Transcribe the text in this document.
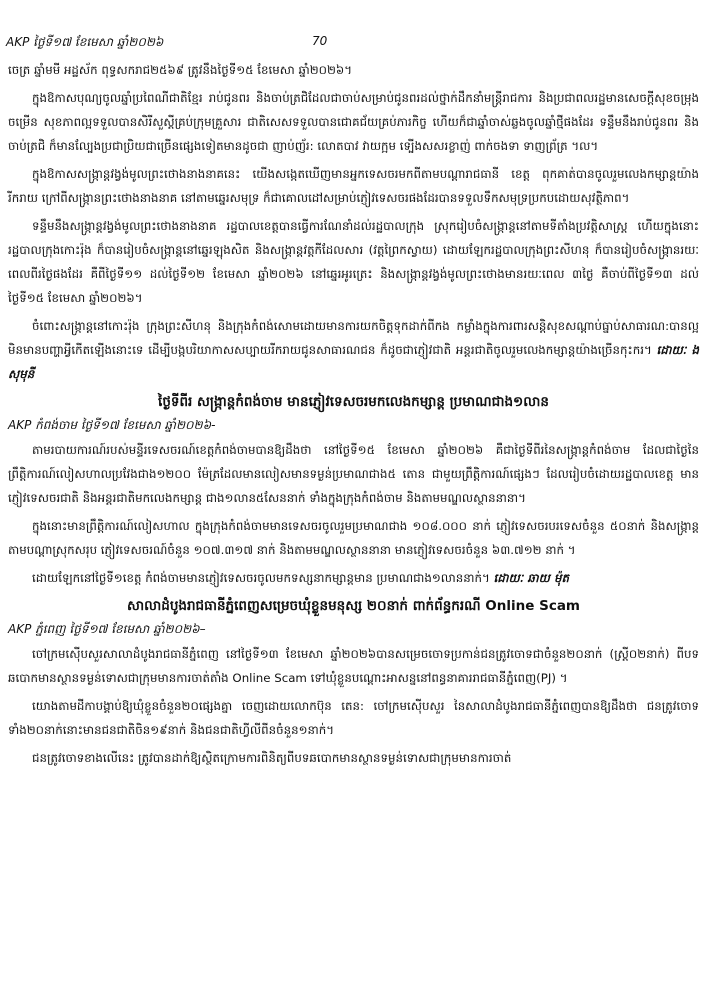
AKP ថ្ងៃទី១៧ ខែមេសា ឆ្នាំ២០២៦	70

ចេត្រ ឆ្នាំមមី អដ្ឋស័ក ពុទ្ធសករាជ២៥៦៩ ត្រូវនឹងថ្ងៃទី១៥ ខែមេសា ឆ្នាំ២០២៦។

ក្នុងឱកាសបុណ្យចូលឆ្នាំប្រពៃណីជាតិខ្មែរ រាប់ជូនពរ និងចាប់ត្រជិដែលជាចាប់សម្រាប់ជូនពរដល់ថ្នាក់ដឹកនាំមន្ត្រីរាជការ និងប្រជាពលរដ្ឋមានសេចក្តីសុខចម្រុងចម្រើន សុខភាពល្អទទួលបានសិរីសួស្តីគ្រប់ក្រុមគ្រួសារ ជាតិសេសទទួលបានជោគជ័យគ្រប់ភារកិច្ច ហើយក៏ជាឆ្នាំចាស់ឆ្លងចូលឆ្នាំថ្មីផងដែរ ទន្ទឹមនឹងរាប់ជូនពរ និងចាប់ត្រជិ ក៏មានល្បែងប្រជាប្រិយជាច្រើនផ្សេងទៀតមានដូចជា ញាប់ញ័រ: លោតបាវ វាយក្អម ទ្បើងសសរខ្លាញ់ ពាក់ចងទា ទាញព្រ័ត្រ ។ល។

ក្នុងឱកាសសង្ក្រាន្តវង្វង់មូលព្រះថោងនាងនាគនេះ យើងសង្កេតឃើញមានអ្នកទេសចរមកពីតាមបណ្តារាជធានី ខេត្ត ពុកគាត់បានចូលរួមលេងកម្សាន្តយ៉ាងរីករាយ ក្រៅពីសង្ក្រានព្រះថោងនាងនាគ នៅតាមឆ្នេរសមុទ្រ ក៏ជាគោលដៅសម្រាប់ភ្ញៀវទេសចរផងដែរបានទទួលទឹកសមុទ្រប្រកបដោយសុវត្ថិភាព។

ទន្ទឹមនឹងសង្ក្រាន្តវង្វង់មូលព្រះថោងនាងនាគ រដ្ឋបាលខេត្តបានធ្វើការណែនាំដល់រដ្ឋបាលក្រុង ស្រុករៀបចំសង្ក្រាន្តនៅតាមទីតាំងប្រវត្តិសាស្ត្រ ហើយក្នុងនោះរដ្ឋបាលក្រុងកោះរ៉ុង ក៏បានរៀបចំសង្ក្រាន្តនៅឆ្នេរឡុងសិត និងសង្ក្រាន្តវត្តកីដែលសារ (វត្តព្រៃកស្វាយ) ដោយឡែករដ្ឋបាលក្រុងព្រះសីហនុ ក៏បានរៀបចំសង្ក្រានរយៈពេលពីរថ្ងៃផងដែរ គឺពីថ្ងៃទី១១ ដល់ថ្ងៃទី១២ ខែមេសា ឆ្នាំ២០២៦ នៅឆ្នេរអូរត្រេះ និងសង្ក្រាន្តវង្វង់មូលព្រះថោងមានរយៈពេល ៣ថ្ងៃ គឺចាប់ពីថ្ងៃទី១៣ ដល់ថ្ងៃទី១៥ ខែមេសា ឆ្នាំ២០២៦។

ចំពោះសង្ក្រាន្តនៅកោះរ៉ុង ក្រុងព្រះសីហនុ និងក្រុងកំពង់សោមដោយមានការយកចិត្តទុកដាក់ពីកង កម្លាំងក្នុងការពារសន្តិសុខសណ្តាប់ធ្នាប់សាធារណ:បានល្អ មិនមានបញ្ហាអ្វីកើតឡើងនោះទេ ដើម្បីបង្កបរិយាកាសសប្បាយរីករាយជូនសាធារណជន ក៏ដូចជាភ្ញៀវជាតិ អន្តរជាតិចូលរួមលេងកម្សាន្តយ៉ាងច្រើនកុះករ។ ដោយៈ ង សុមុនី

ថ្ងៃទីពីរ សង្ក្រាន្តកំពង់ចាម មានភ្ញៀវទេសចរមកលេងកម្សាន្ត ប្រមាណជាង១លាន
AKP កំពង់ចាម ថ្ងៃទី១៧ ខែមេសា ឆ្នាំ២០២៦-

តាមរបាយការណ៍របស់មន្ទីរទេសចរណ៍ខេត្តកំពង់ចាមបានឱ្យដឹងថា នៅថ្ងៃទី១៥ ខែមេសា ឆ្នាំ២០២៦ គឺជាថ្ងៃទីពីរនៃសង្ក្រាន្តកំពង់ចាម ដែលជាថ្ងៃនៃព្រឹត្តិការណ៍លៀសហាលប្រវែងជាង១២០០ ម៉ែត្រដែលមានលៀសមានទម្ងន់ប្រមាណជាង៥ តោន ជាមួយព្រឹត្តិការណ៍ផ្សេងៗ ដែលរៀបចំដោយរដ្ឋបាលខេត្ត មានភ្ញៀវទេសចរជាតិ និងអន្តរជាតិមកលេងកម្សាន្ត ជាង១លាន៥សែននាក់ ទាំងក្នុងក្រុងកំពង់ចាម និងតាមមណ្ឌលស្ថាននានា។

ក្នុងនោះមានព្រឹត្តិការណ៍លៀសហាល ក្នុងក្រុងកំពង់ចាមមានទេសចរចូលរួមប្រមាណជាង ១០៨.០០០ នាក់ ភ្ញៀវទេសចរបរទេសចំនួន ៥០នាក់ និងសង្ក្រាន្តតាមបណ្តាស្រុកសរុប ភ្ញៀវទេសចរណ៍ចំនួន ១០៧.៣១៧ នាក់ និងតាមមណ្ឌលស្ថាននានា មានភ្ញៀវទេសចរចំនួន ៦៣.៧១២ នាក់ ។

ដោយឡែកនៅថ្ងៃទី១ខេត្ត កំពង់ចាមមានភ្ញៀវទេសចរចូលមកទស្សនាកម្សាន្តមាន ប្រមាណជាង១លាននាក់។ ដោយៈ ឆាយ ម៉ុត

សាលាដំបូងរាជធានីភ្នំពេញសម្រេចឃុំខ្លួនមនុស្ស ២០នាក់ ពាក់ព័ន្ធករណី Online Scam
AKP ភ្នំពេញ ថ្ងៃទី១៧ ខែមេសា ឆ្នាំ២០២៦–

ចៅក្រមស៊ើបសួរសាលាដំបូងរាជធានីភ្នំពេញ នៅថ្ងៃទី១៣ ខែមេសា ឆ្នាំ២០២៦បានសម្រេចចោទប្រកាន់ជនត្រូវចោទជាចំនួន២០នាក់ (ស្ត្រី០២នាក់) ពីបទឆបោកមានស្ថានទម្ងន់ទោសជាក្រុមមានការចាត់តាំង Online Scam ទៅឃុំខ្លួនបណ្តោះអាសន្ននៅពន្ធនាគាររាជធានីភ្នំពេញ(PJ) ។

យោងតាមដីកាបង្គាប់ឱ្យឃុំខ្លួនចំនួន២០ផ្សេងគ្នា ចេញដោយលោកប៊ុន តេន: ចៅក្រមស៊ើបសួរ នៃសាលាដំបូងរាជធានីភ្នំពេញបានឱ្យដឹងថា ជនត្រូវចោទទាំង២០នាក់នោះមានជនជាតិចិន១៩នាក់ និងជនជាតិហ្វីលីពីនចំនួន១នាក់។

ជនត្រូវចោទខាងលើនេះ ត្រូវបានដាក់ឱ្យស្ថិតក្រោមការពិនិត្យពីបទឆបោកមានស្ថានទម្ងន់ទោសជាក្រុមមានការចាត់
